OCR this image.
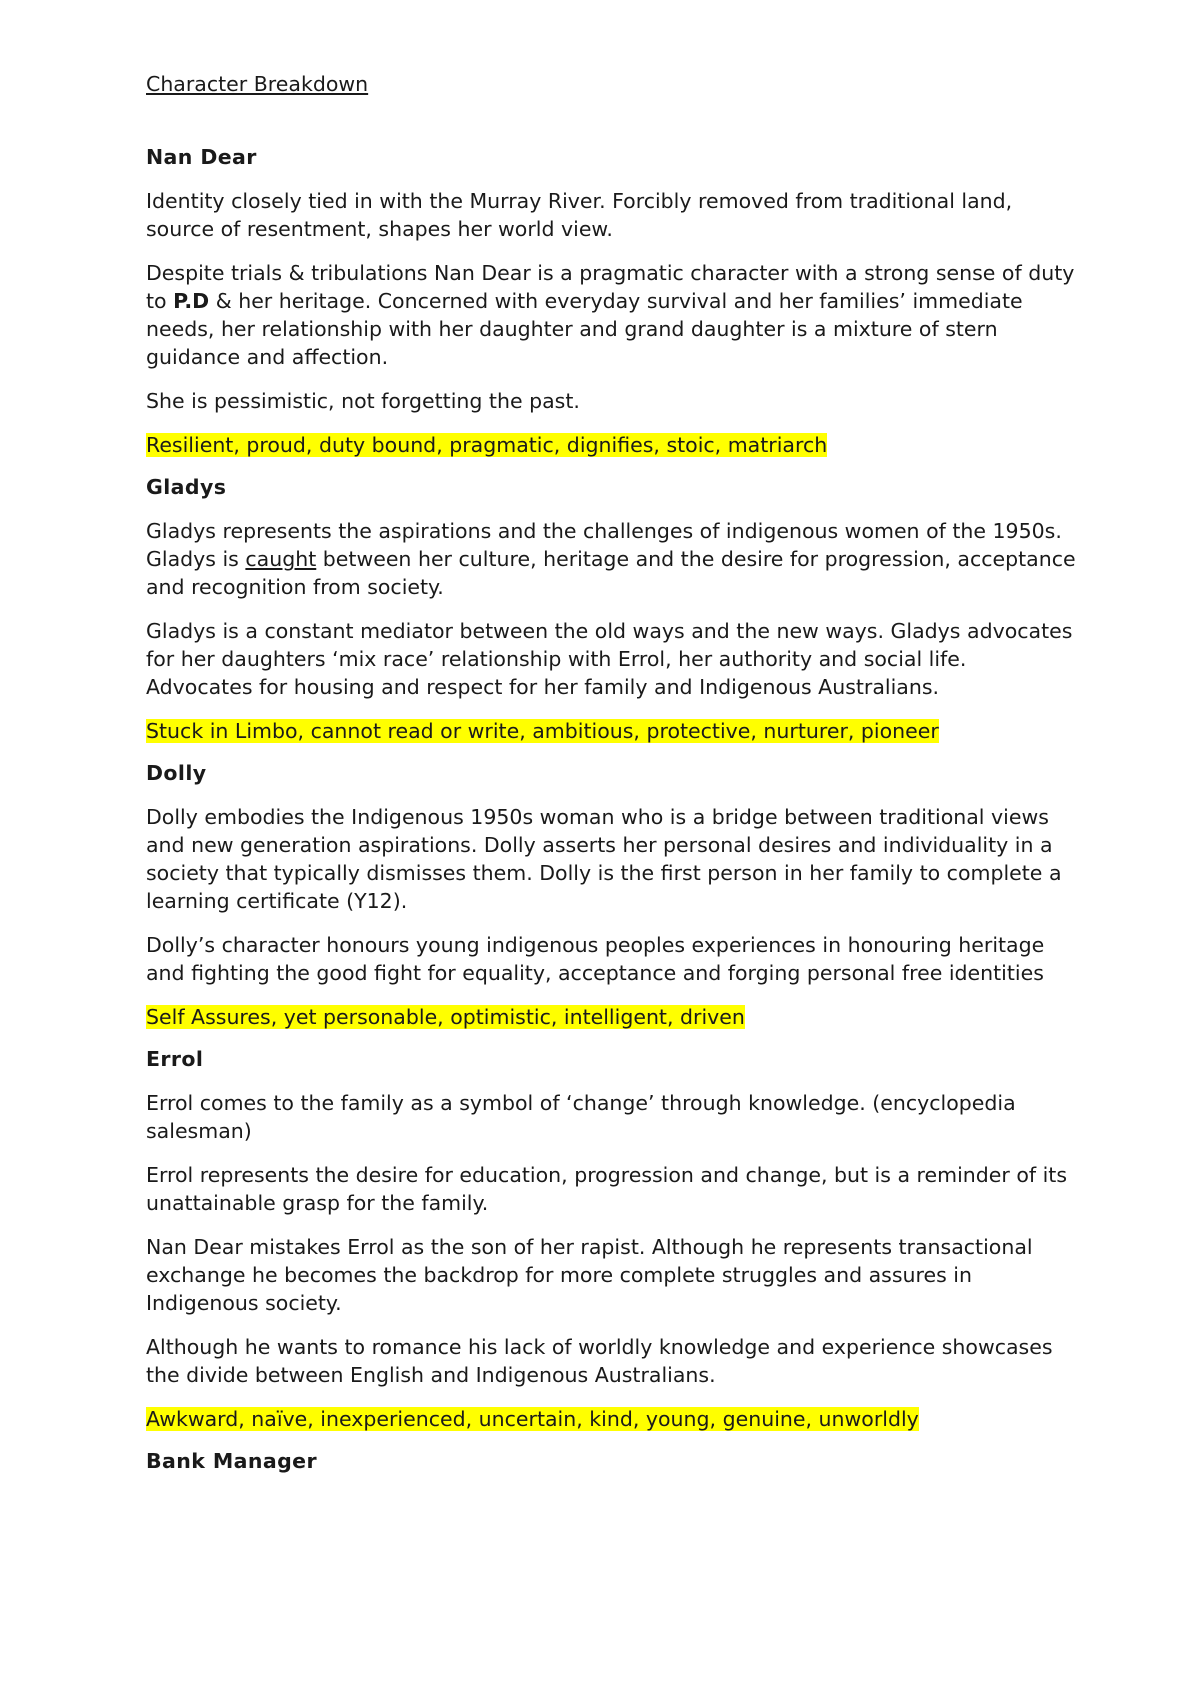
Character Breakdown
Nan Dear

Identity closely tied in with the Murray River. Forcibly removed from traditional land, source of resentment, shapes her world view.

Despite trials & tribulations Nan Dear is a pragmatic character with a strong sense of duty to P.D & her heritage. Concerned with everyday survival and her families’ immediate needs, her relationship with her daughter and grand daughter is a mixture of stern guidance and affection.

She is pessimistic, not forgetting the past.

Resilient, proud, duty bound, pragmatic, dignifies, stoic, matriarch

Gladys

Gladys represents the aspirations and the challenges of indigenous women of the 1950s. Gladys is caught between her culture, heritage and the desire for progression, acceptance and recognition from society.

Gladys is a constant mediator between the old ways and the new ways. Gladys advocates for her daughters ‘mix race’ relationship with Errol, her authority and social life. Advocates for housing and respect for her family and Indigenous Australians.

Stuck in Limbo, cannot read or write, ambitious, protective, nurturer, pioneer

Dolly

Dolly embodies the Indigenous 1950s woman who is a bridge between traditional views and new generation aspirations. Dolly asserts her personal desires and individuality in a society that typically dismisses them. Dolly is the first person in her family to complete a learning certificate (Y12).

Dolly’s character honours young indigenous peoples experiences in honouring heritage and fighting the good fight for equality, acceptance and forging personal free identities

Self Assures, yet personable, optimistic, intelligent, driven

Errol

Errol comes to the family as a symbol of ‘change’ through knowledge. (encyclopedia salesman)

Errol represents the desire for education, progression and change, but is a reminder of its unattainable grasp for the family.

Nan Dear mistakes Errol as the son of her rapist. Although he represents transactional exchange he becomes the backdrop for more complete struggles and assures in Indigenous society.

Although he wants to romance his lack of worldly knowledge and experience showcases the divide between English and Indigenous Australians.

Awkward, naïve, inexperienced, uncertain, kind, young, genuine, unworldly

Bank Manager
